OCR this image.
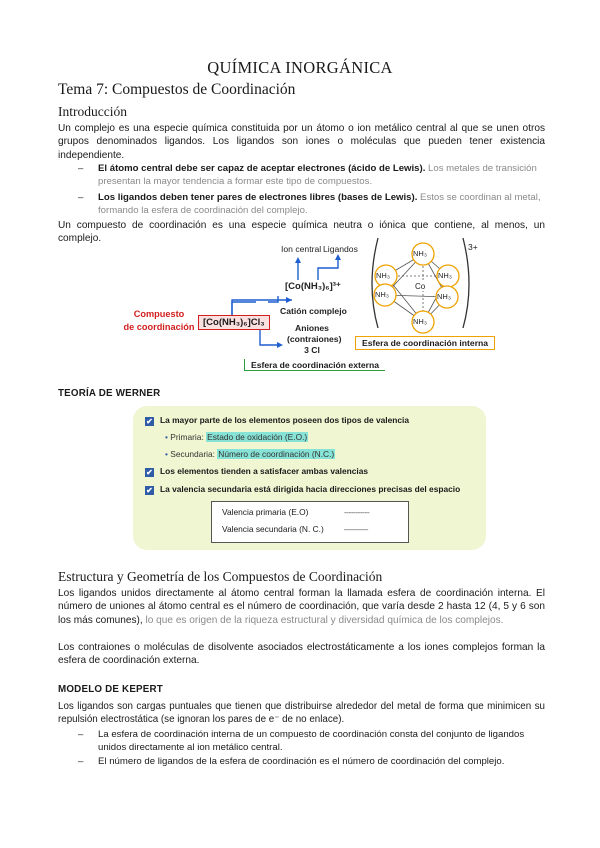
QUÍMICA INORGÁNICA
Tema 7: Compuestos de Coordinación
Introducción
Un complejo es una especie química constituida por un átomo o ion metálico central al que se unen otros grupos denominados ligandos. Los ligandos son iones o moléculas que pueden tener existencia independiente.
– El átomo central debe ser capaz de aceptar electrones (ácido de Lewis). Los metales de transición presentan la mayor tendencia a formar este tipo de compuestos.
– Los ligandos deben tener pares de electrones libres (bases de Lewis). Estos se coordinan al metal, formando la esfera de coordinación del complejo.
Un compuesto de coordinación es una especie química neutra o iónica que contiene, al menos, un complejo.
Ion central Ligandos
[Co(NH₃)₆]³⁺
Catión complejo
Compuesto
de coordinación [Co(NH₃)₆]Cl₃	Aniones
(contraiones)
3 Cl
Esfera de coordinación externa
NH₃
NH₃	NH₃
NH₃	NH₃
NH₃
Co
3+
Esfera de coordinación interna
TEORÍA DE WERNER
✔ La mayor parte de los elementos poseen dos tipos de valencia
• Primaria: Estado de oxidación (E.O.)
• Secundaria: Número de coordinación (N.C.)
✔ Los elementos tienden a satisfacer ambas valencias
✔ La valencia secundaria está dirigida hacia direcciones precisas del espacio
Valencia primaria (E.O)	-----------
Valencia secundaria (N. C.) ———
Estructura y Geometría de los Compuestos de Coordinación
Los ligandos unidos directamente al átomo central forman la llamada esfera de coordinación interna. El número de uniones al átomo central es el número de coordinación, que varía desde 2 hasta 12 (4, 5 y 6 son los más comunes), lo que es origen de la riqueza estructural y diversidad química de los complejos.
Los contraiones o moléculas de disolvente asociados electrostáticamente a los iones complejos forman la esfera de coordinación externa.
MODELO DE KEPERT
Los ligandos son cargas puntuales que tienen que distribuirse alrededor del metal de forma que minimicen su repulsión electrostática (se ignoran los pares de e⁻ de no enlace).
– La esfera de coordinación interna de un compuesto de coordinación consta del conjunto de ligandos unidos directamente al ion metálico central.
– El número de ligandos de la esfera de coordinación es el número de coordinación del complejo.
